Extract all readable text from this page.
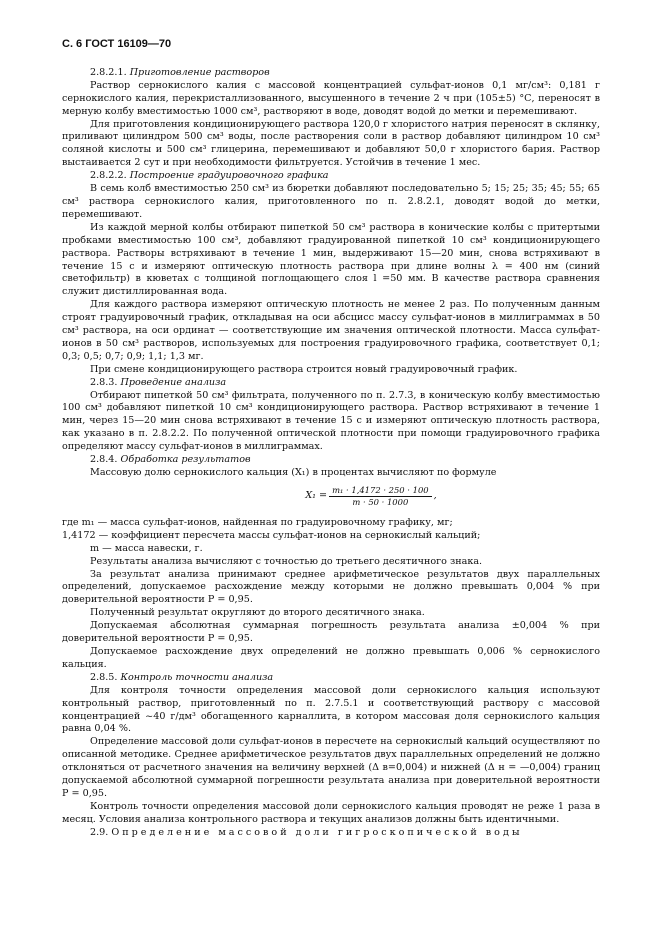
С. 6 ГОСТ 16109—70

2.8.2.1. Приготовление растворов

Раствор сернокислого калия с массовой концентрацией сульфат-ионов 0,1 мг/см³: 0,181 г сернокислого калия, перекристаллизованного, высушенного в течение 2 ч при (105±5) °С, переносят в мерную колбу вместимостью 1000 см³, растворяют в воде, доводят водой до метки и перемешивают.

Для приготовления кондиционирующего раствора 120,0 г хлористого натрия переносят в склянку, приливают цилиндром 500 см³ воды, после растворения соли в раствор добавляют цилиндром 10 см³ соляной кислоты и 500 см³ глицерина, перемешивают и добавляют 50,0 г хлористого бария. Раствор выстаивается 2 сут и при необходимости фильтруется. Устойчив в течение 1 мес.

2.8.2.2. Построение градуировочного графика

В семь колб вместимостью 250 см³ из бюретки добавляют последовательно 5; 15; 25; 35; 45; 55; 65 см³ раствора сернокислого калия, приготовленного по п. 2.8.2.1, доводят водой до метки, перемешивают.

Из каждой мерной колбы отбирают пипеткой 50 см³ раствора в конические колбы с притертыми пробками вместимостью 100 см³, добавляют градуированной пипеткой 10 см³ кондиционирующего раствора. Растворы встряхивают в течение 1 мин, выдерживают 15—20 мин, снова встряхивают в течение 15 с и измеряют оптическую плотность раствора при длине волны λ = 400 нм (синий светофильтр) в кюветах с толщиной поглощающего слоя l =50 мм. В качестве раствора сравнения служит дистиллированная вода.

Для каждого раствора измеряют оптическую плотность не менее 2 раз. По полученным данным строят градуировочный график, откладывая на оси абсцисс массу сульфат-ионов в миллиграммах в 50 см³ раствора, на оси ординат — соответствующие им значения оптической плотности. Масса сульфат-ионов в 50 см³ растворов, используемых для построения градуировочного графика, соответствует 0,1; 0,3; 0,5; 0,7; 0,9; 1,1; 1,3 мг.

При смене кондиционирующего раствора строится новый градуировочный график.

2.8.3. Проведение анализа

Отбирают пипеткой 50 см³ фильтрата, полученного по п. 2.7.3, в коническую колбу вместимостью 100 см³ добавляют пипеткой 10 см³ кондиционирующего раствора. Раствор встряхивают в течение 1 мин, через 15—20 мин снова встряхивают в течение 15 с и измеряют оптическую плотность раствора, как указано в п. 2.8.2.2. По полученной оптической плотности при помощи градуировочного графика определяют массу сульфат-ионов в миллиграммах.

2.8.4. Обработка результатов

Массовую долю сернокислого кальция (X₁) в процентах вычисляют по формуле

$X_1 = \frac{\text{m₁ · 1,4172 · 250 · 100}}{m \cdot 50 \cdot 1000}$ ,

где m₁ — масса сульфат-ионов, найденная по градуировочному графику, мг;

1,4172 — коэффициент пересчета массы сульфат-ионов на сернокислый кальций;

m — масса навески, г.

Результаты анализа вычисляют с точностью до третьего десятичного знака.

За результат анализа принимают среднее арифметическое результатов двух параллельных определений, допускаемое расхождение между которыми не должно превышать 0,004 % при доверительной вероятности P = 0,95.

Полученный результат округляют до второго десятичного знака.

Допускаемая абсолютная суммарная погрешность результата анализа ±0,004 % при доверительной вероятности P = 0,95.

Допускаемое расхождение двух определений не должно превышать 0,006 % сернокислого кальция.

2.8.5. Контроль точности анализа

Для контроля точности определения массовой доли сернокислого кальция используют контрольный раствор, приготовленный по п. 2.7.5.1 и соответствующий раствору с массовой концентрацией ~40 г/дм³ обогащенного карналлита, в котором массовая доля сернокислого кальция равна 0,04 %.

Определение массовой доли сульфат-ионов в пересчете на сернокислый кальций осуществляют по описанной методике. Среднее арифметическое результатов двух параллельных определений не должно отклоняться от расчетного значения на величину верхней (Δ в=0,004) и нижней (Δ н = —0,004) границ допускаемой абсолютной суммарной погрешности результата анализа при доверительной вероятности P = 0,95.

Контроль точности определения массовой доли сернокислого кальция проводят не реже 1 раза в месяц. Условия анализа контрольного раствора и текущих анализов должны быть идентичными.

2.9. Определение массовой доли гигроскопической воды
